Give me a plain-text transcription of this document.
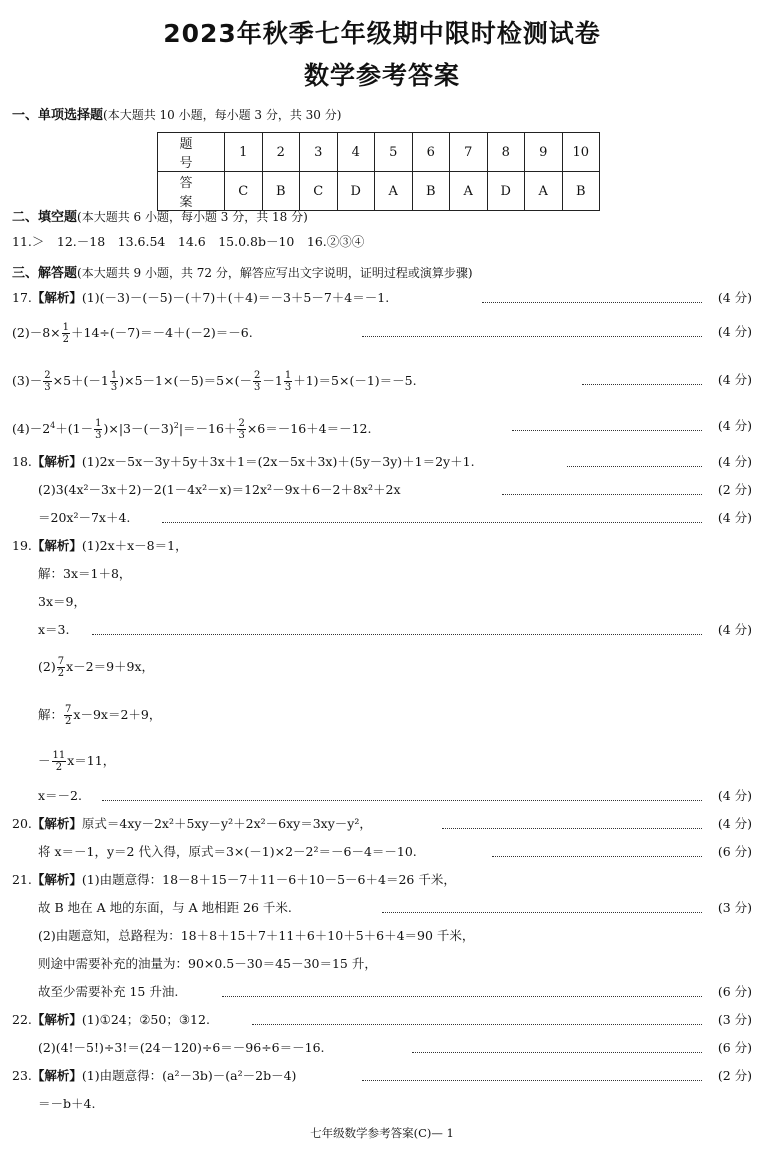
2023年秋季七年级期中限时检测试卷
数学参考答案
一、单项选择题(本大题共 10 小题，每小题 3 分，共 30 分)
题　号	1	2	3	4	5	6	7	8	9	10
答　案	C	B	C	D	A	B	A	D	A	B
二、填空题(本大题共 6 小题，每小题 3 分，共 18 分)
11.＞　12.－18　13.6.54　14.6　15.0.8b－10　16.②③④
三、解答题(本大题共 9 小题，共 72 分，解答应写出文字说明，证明过程或演算步骤)
17.【解析】(1)(－3)－(－5)－(＋7)＋(＋4)＝－3＋5－7＋4＝－1.	(4 分)
$(2)-8\times \frac{1}{2} +14\div(-7)=-4+(-2)=-6$.	(4 分)
$(3)- \frac{2}{3} \times 5+(-1 \frac{1}{3} )\times 5-1\times(-5)=5\times(- \frac{2}{3} -1 \frac{1}{3} +1)=5\times(-1)=-5$.	(4 分)
$(4)-2^4+(1- \frac{1}{3} )\times|3-(-3)^2|=-16+ \frac{2}{3} \times 6=-16+4=-12$.	(4 分)
18.【解析】(1)2x－5x－3y＋5y＋3x＋1＝(2x－5x＋3x)＋(5y－3y)＋1＝2y＋1.	(4 分)
(2)3(4x²－3x＋2)－2(1－4x²－x)＝12x²－9x＋6－2＋8x²＋2x	(2 分)
＝20x²－7x＋4.	(4 分)
19.【解析】(1)2x＋x－8＝1，
解：3x＝1＋8，
3x＝9，
x＝3.	(4 分)
$(2) \frac{7}{2} x-2=9+9x$，
解： $\frac{7}{2} x-9x=2+9$，
－ $\frac{11}{2} x=11$，
x＝－2.	(4 分)
20.【解析】原式＝4xy－2x²＋5xy－y²＋2x²－6xy＝3xy－y²，	(4 分)
将 x＝－1，y＝2 代入得，原式＝3×(－1)×2－2²＝－6－4＝－10.	(6 分)
21.【解析】(1)由题意得：18－8＋15－7＋11－6＋10－5－6＋4＝26 千米，
故 B 地在 A 地的东面，与 A 地相距 26 千米.	(3 分)
(2)由题意知，总路程为：18＋8＋15＋7＋11＋6＋10＋5＋6＋4＝90 千米，
则途中需要补充的油量为：90×0.5－30＝45－30＝15 升，
故至少需要补充 15 升油.	(6 分)
22.【解析】(1)①24；②50；③12.	(3 分)
(2)(4!－5!)÷3!＝(24－120)÷6＝－96÷6＝－16.	(6 分)
23.【解析】(1)由题意得：(a²－3b)－(a²－2b－4)	(2 分)
＝－b＋4.
七年级数学参考答案(C)— 1
